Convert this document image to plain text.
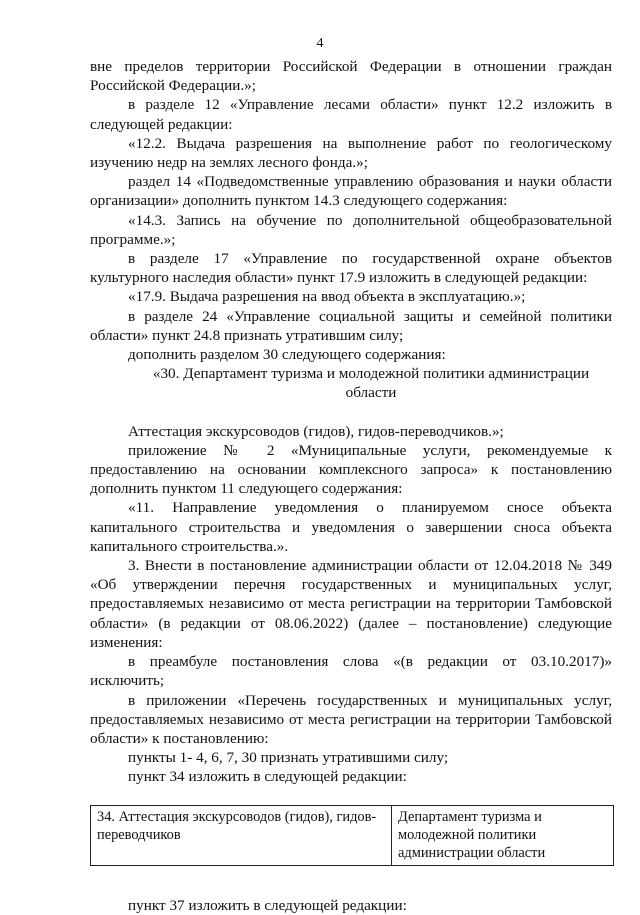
4

вне пределов территории Российской Федерации в отношении граждан Российской Федерации.»;

в разделе 12 «Управление лесами области» пункт 12.2 изложить в следующей редакции:

«12.2. Выдача разрешения на выполнение работ по геологическому изучению недр на землях лесного фонда.»;

раздел 14 «Подведомственные управлению образования и науки области организации» дополнить пунктом 14.3 следующего содержания:

«14.3. Запись на обучение по дополнительной общеобразовательной программе.»;

в разделе 17 «Управление по государственной охране объектов культурного наследия области» пункт 17.9 изложить в следующей редакции:

«17.9. Выдача разрешения на ввод объекта в эксплуатацию.»;

в разделе 24 «Управление социальной защиты и семейной политики области» пункт 24.8 признать утратившим силу;

дополнить разделом 30 следующего содержания:

«30. Департамент туризма и молодежной политики администрации области

Аттестация экскурсоводов (гидов), гидов-переводчиков.»;

приложение № 2 «Муниципальные услуги, рекомендуемые к предоставлению на основании комплексного запроса» к постановлению дополнить пунктом 11 следующего содержания:

«11. Направление уведомления о планируемом сносе объекта капитального строительства и уведомления о завершении сноса объекта капитального строительства.».

3. Внести в постановление администрации области от 12.04.2018 № 349 «Об утверждении перечня государственных и муниципальных услуг, предоставляемых независимо от места регистрации на территории Тамбовской области» (в редакции от 08.06.2022) (далее – постановление) следующие изменения:

в преамбуле постановления слова «(в редакции от 03.10.2017)» исключить;

в приложении «Перечень государственных и муниципальных услуг, предоставляемых независимо от места регистрации на территории Тамбовской области» к постановлению:

пункты 1- 4, 6, 7, 30 признать утратившими силу;

пункт 34 изложить в следующей редакции:

34. Аттестация экскурсоводов (гидов), гидов-переводчиков	Департамент туризма и молодежной политики администрации области

пункт 37 изложить в следующей редакции:
